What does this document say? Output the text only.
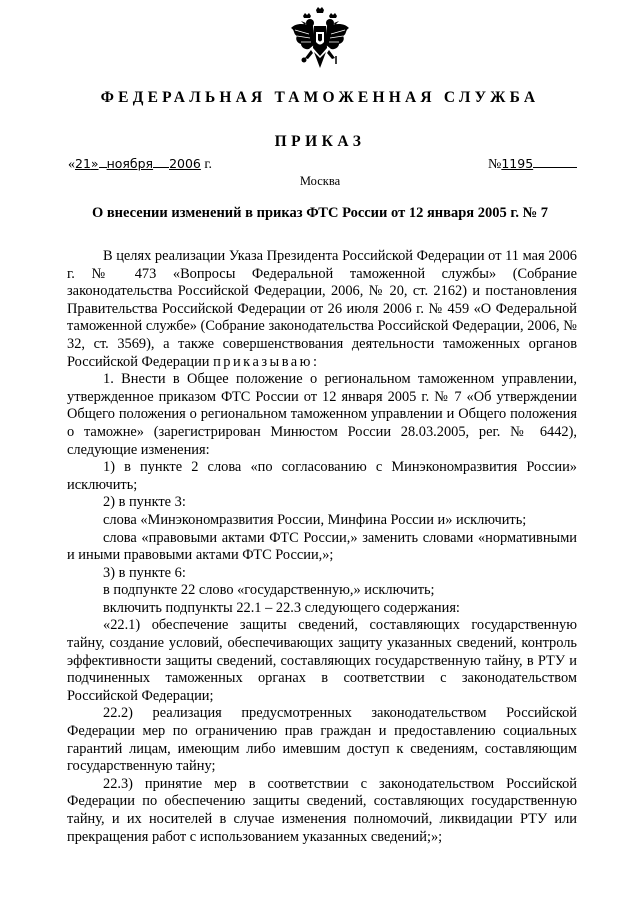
ФЕДЕРАЛЬНАЯ ТАМОЖЕННАЯ СЛУЖБА
ПРИКАЗ
«21» ноября 2006 г.	№1195
Москва
О внесении изменений в приказ ФТС России от 12 января 2005 г. № 7

В целях реализации Указа Президента Российской Федерации от 11 мая 2006 г. № 473 «Вопросы Федеральной таможенной службы» (Собрание законодательства Российской Федерации, 2006, № 20, ст. 2162) и постановления Правительства Российской Федерации от 26 июля 2006 г. № 459 «О Федеральной таможенной службе» (Собрание законодательства Российской Федерации, 2006, № 32, ст. 3569), а также совершенствования деятельности таможенных органов Российской Федерации приказываю:

1. Внести в Общее положение о региональном таможенном управлении, утвержденное приказом ФТС России от 12 января 2005 г. № 7 «Об утверждении Общего положения о региональном таможенном управлении и Общего положения о таможне» (зарегистрирован Минюстом России 28.03.2005, рег. № 6442), следующие изменения:

1) в пункте 2 слова «по согласованию с Минэкономразвития России» исключить;

2) в пункте 3:

слова «Минэкономразвития России, Минфина России и» исключить;

слова «правовыми актами ФТС России,» заменить словами «нормативными и иными правовыми актами ФТС России,»;

3) в пункте 6:

в подпункте 22 слово «государственную,» исключить;

включить подпункты 22.1 – 22.3 следующего содержания:

«22.1) обеспечение защиты сведений, составляющих государственную тайну, создание условий, обеспечивающих защиту указанных сведений, контроль эффективности защиты сведений, составляющих государственную тайну, в РТУ и подчиненных таможенных органах в соответствии с законодательством Российской Федерации;

22.2) реализация предусмотренных законодательством Российской Федерации мер по ограничению прав граждан и предоставлению социальных гарантий лицам, имеющим либо имевшим доступ к сведениям, составляющим государственную тайну;

22.3) принятие мер в соответствии с законодательством Российской Федерации по обеспечению защиты сведений, составляющих государственную тайну, и их носителей в случае изменения полномочий, ликвидации РТУ или прекращения работ с использованием указанных сведений;»;
